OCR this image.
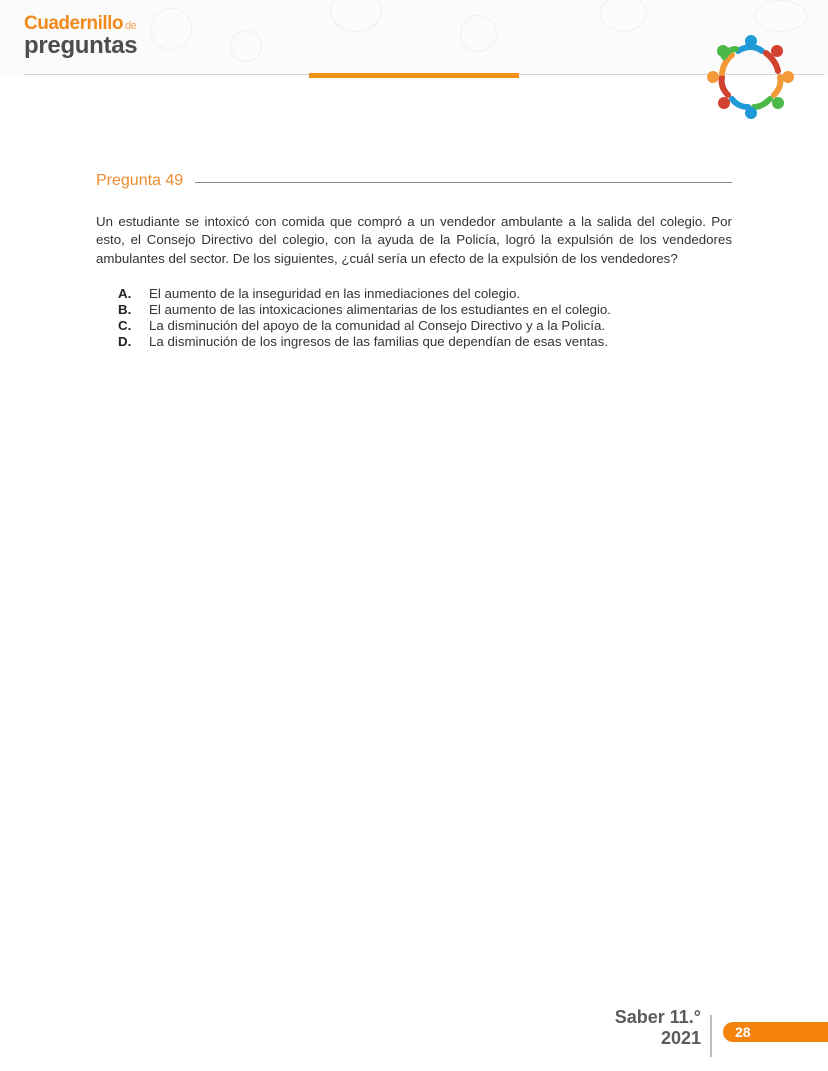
Cuadernillo de
preguntas
Pregunta 49
Un estudiante se intoxicó con comida que compró a un vendedor ambulante a la salida del colegio. Por esto, el Consejo Directivo del colegio, con la ayuda de la Policía, logró la expulsión de los vendedores ambulantes del sector. De los siguientes, ¿cuál sería un efecto de la expulsión de los vendedores?
A.	El aumento de la inseguridad en las inmediaciones del colegio.
B.	El aumento de las intoxicaciones alimentarias de los estudiantes en el colegio.
C.	La disminución del apoyo de la comunidad al Consejo Directivo y a la Policía.
D.	La disminución de los ingresos de las familias que dependían de esas ventas.
Saber 11.°
2021 28
